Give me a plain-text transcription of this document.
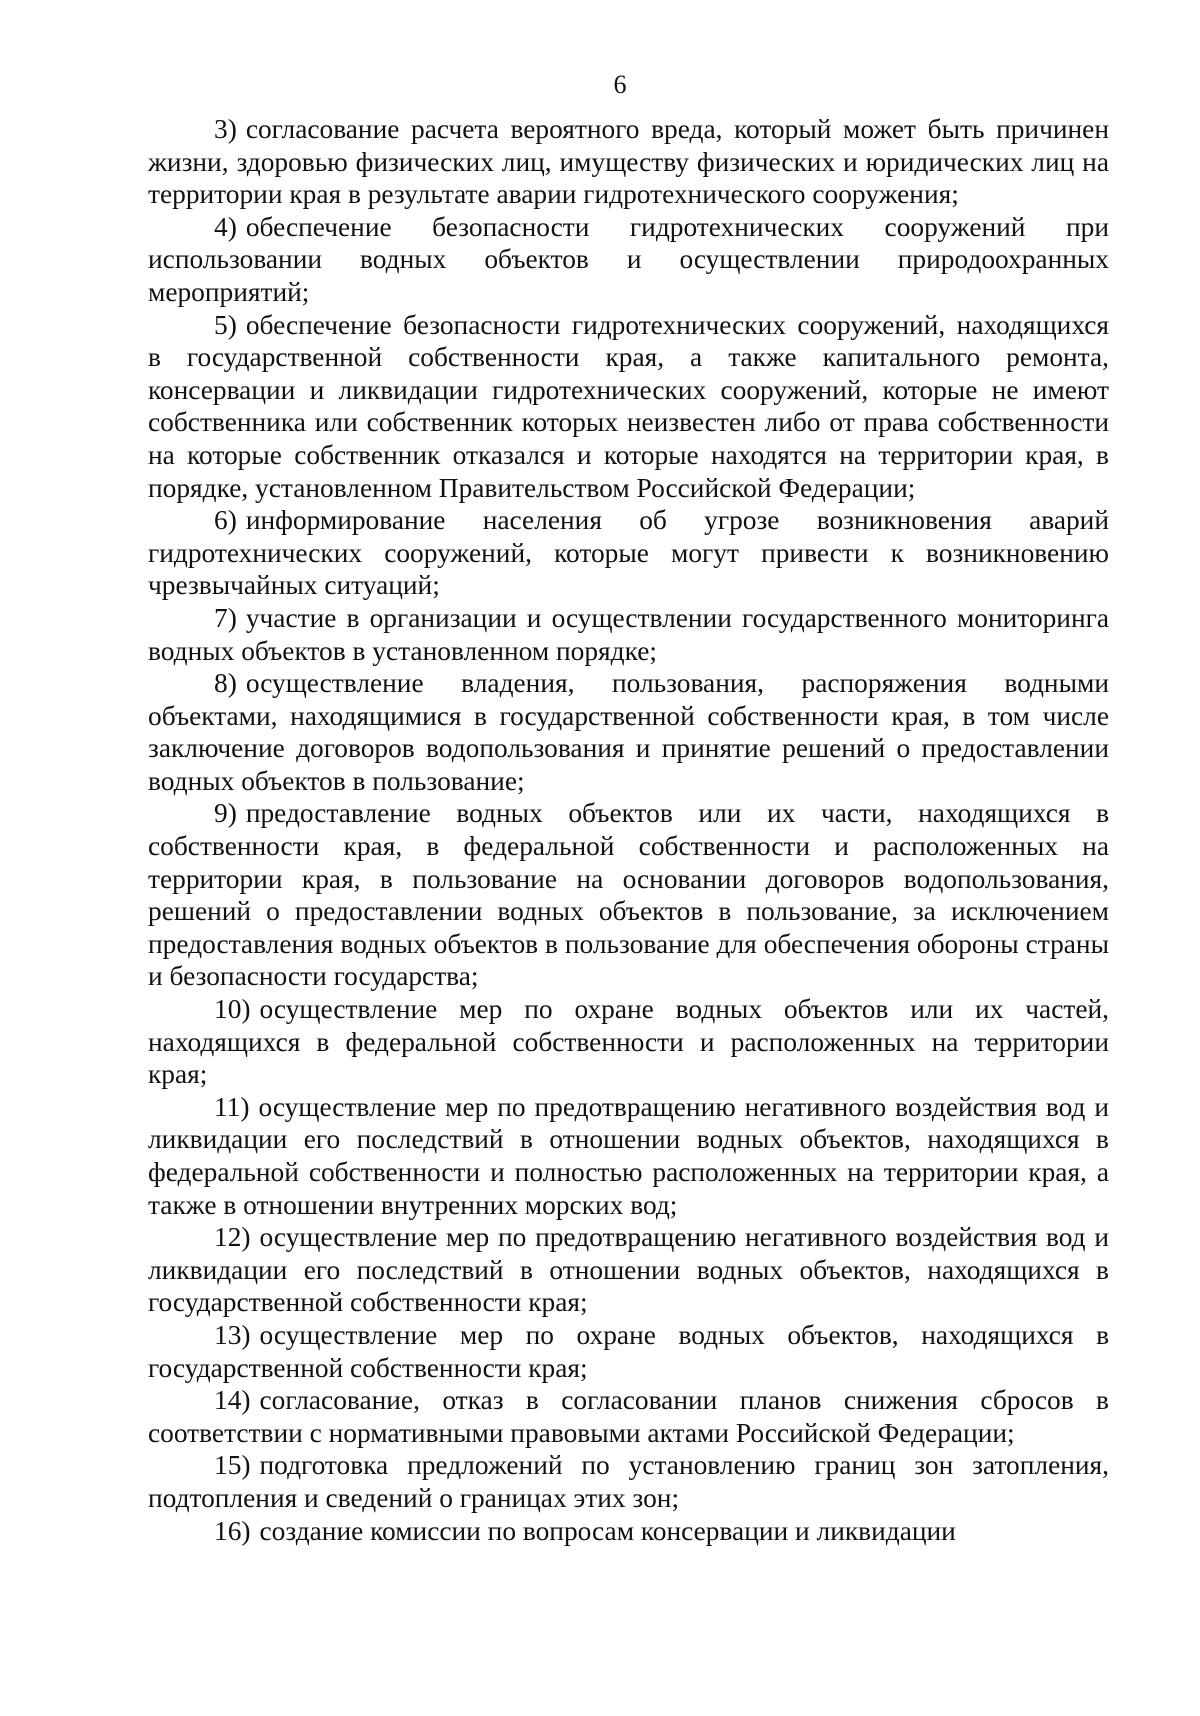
6

3) согласование расчета вероятного вреда, который может быть причинен жизни, здоровью физических лиц, имуществу физических и юридических лиц на территории края в результате аварии гидротехнического сооружения;

4) обеспечение безопасности гидротехнических сооружений при использовании водных объектов и осуществлении природоохранных мероприятий;

5) обеспечение безопасности гидротехнических сооружений, находящихся в государственной собственности края, а также капитального ремонта, консервации и ликвидации гидротехнических сооружений, которые не имеют собственника или собственник которых неизвестен либо от права собственности на которые собственник отказался и которые находятся на территории края, в порядке, установленном Правительством Российской Федерации;

6) информирование населения об угрозе возникновения аварий гидротехнических сооружений, которые могут привести к возникновению чрезвычайных ситуаций;

7) участие в организации и осуществлении государственного мониторинга водных объектов в установленном порядке;

8) осуществление владения, пользования, распоряжения водными объектами, находящимися в государственной собственности края, в том числе заключение договоров водопользования и принятие решений о предоставлении водных объектов в пользование;

9) предоставление водных объектов или их части, находящихся в собственности края, в федеральной собственности и расположенных на территории края, в пользование на основании договоров водопользования, решений о предоставлении водных объектов в пользование, за исключением предоставления водных объектов в пользование для обеспечения обороны страны и безопасности государства;

10) осуществление мер по охране водных объектов или их частей, находящихся в федеральной собственности и расположенных на территории края;

11) осуществление мер по предотвращению негативного воздействия вод и ликвидации его последствий в отношении водных объектов, находящихся в федеральной собственности и полностью расположенных на территории края, а также в отношении внутренних морских вод;

12) осуществление мер по предотвращению негативного воздействия вод и ликвидации его последствий в отношении водных объектов, находящихся в государственной собственности края;

13) осуществление мер по охране водных объектов, находящихся в государственной собственности края;

14) согласование, отказ в согласовании планов снижения сбросов в соответствии с нормативными правовыми актами Российской Федерации;

15) подготовка предложений по установлению границ зон затопления, подтопления и сведений о границах этих зон;

16) создание комиссии по вопросам консервации и ликвидации
